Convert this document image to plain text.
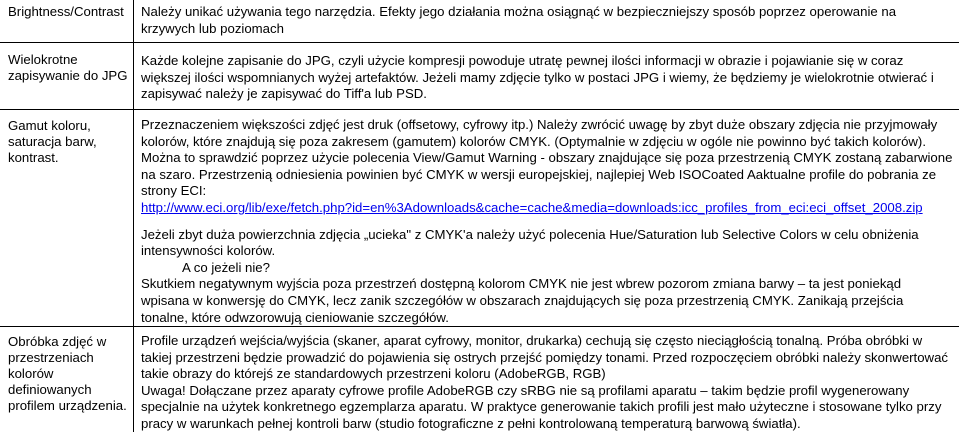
Brightness/Contrast	Należy unikać używania tego narzędzia. Efekty jego działania można osiągnąć w bezpieczniejszy sposób poprzez operowanie na krzywych lub poziomach

Wielokrotne zapisywanie do JPG

Każde kolejne zapisanie do JPG, czyli użycie kompresji powoduje utratę pewnej ilości informacji w obrazie i pojawianie się w coraz większej ilości wspomnianych wyżej artefaktów. Jeżeli mamy zdjęcie tylko w postaci JPG i wiemy, że będziemy je wielokrotnie otwierać i zapisywać należy je zapisywać do Tiff'a lub PSD.

Gamut koloru, saturacja barw, kontrast.

Przeznaczeniem większości zdjęć jest druk (offsetowy, cyfrowy itp.) Należy zwrócić uwagę by zbyt duże obszary zdjęcia nie przyjmowały kolorów, które znajdują się poza zakresem (gamutem) kolorów CMYK. (Optymalnie w zdjęciu w ogóle nie powinno być takich kolorów). Można to sprawdzić poprzez użycie polecenia View/Gamut Warning - obszary znajdujące się poza przestrzenią CMYK zostaną zabarwione na szaro. Przestrzenią odniesienia powinien być CMYK w wersji europejskiej, najlepiej Web ISOCoated Aaktualne profile do pobrania ze strony ECI:

http://www.eci.org/lib/exe/fetch.php?id=en%3Adownloads&cache=cache&media=downloads:icc_profiles_from_eci:eci_offset_2008.zip

Jeżeli zbyt duża powierzchnia zdjęcia „ucieka" z CMYK'a należy użyć polecenia Hue/Saturation lub Selective Colors w celu obniżenia intensywności kolorów.

A co jeżeli nie?

Skutkiem negatywnym wyjścia poza przestrzeń dostępną kolorom CMYK nie jest wbrew pozorom zmiana barwy – ta jest poniekąd wpisana w konwersję do CMYK, lecz zanik szczegółów w obszarach znajdujących się poza przestrzenią CMYK. Zanikają przejścia tonalne, które odwzorowują cieniowanie szczegółów.

Obróbka zdjęć w przestrzeniach kolorów definiowanych profilem urządzenia.

Profile urządzeń wejścia/wyjścia (skaner, aparat cyfrowy, monitor, drukarka) cechują się często nieciągłością tonalną. Próba obróbki w takiej przestrzeni będzie prowadzić do pojawienia się ostrych przejść pomiędzy tonami. Przed rozpoczęciem obróbki należy skonwertować takie obrazy do którejś ze standardowych przestrzeni koloru (AdobeRGB, RGB)

Uwaga! Dołączane przez aparaty cyfrowe profile AdobeRGB czy sRBG nie są profilami aparatu – takim będzie profil wygenerowany specjalnie na użytek konkretnego egzemplarza aparatu. W praktyce generowanie takich profili jest mało użyteczne i stosowane tylko przy pracy w warunkach pełnej kontroli barw (studio fotograficzne z pełni kontrolowaną temperaturą barwową światła).
